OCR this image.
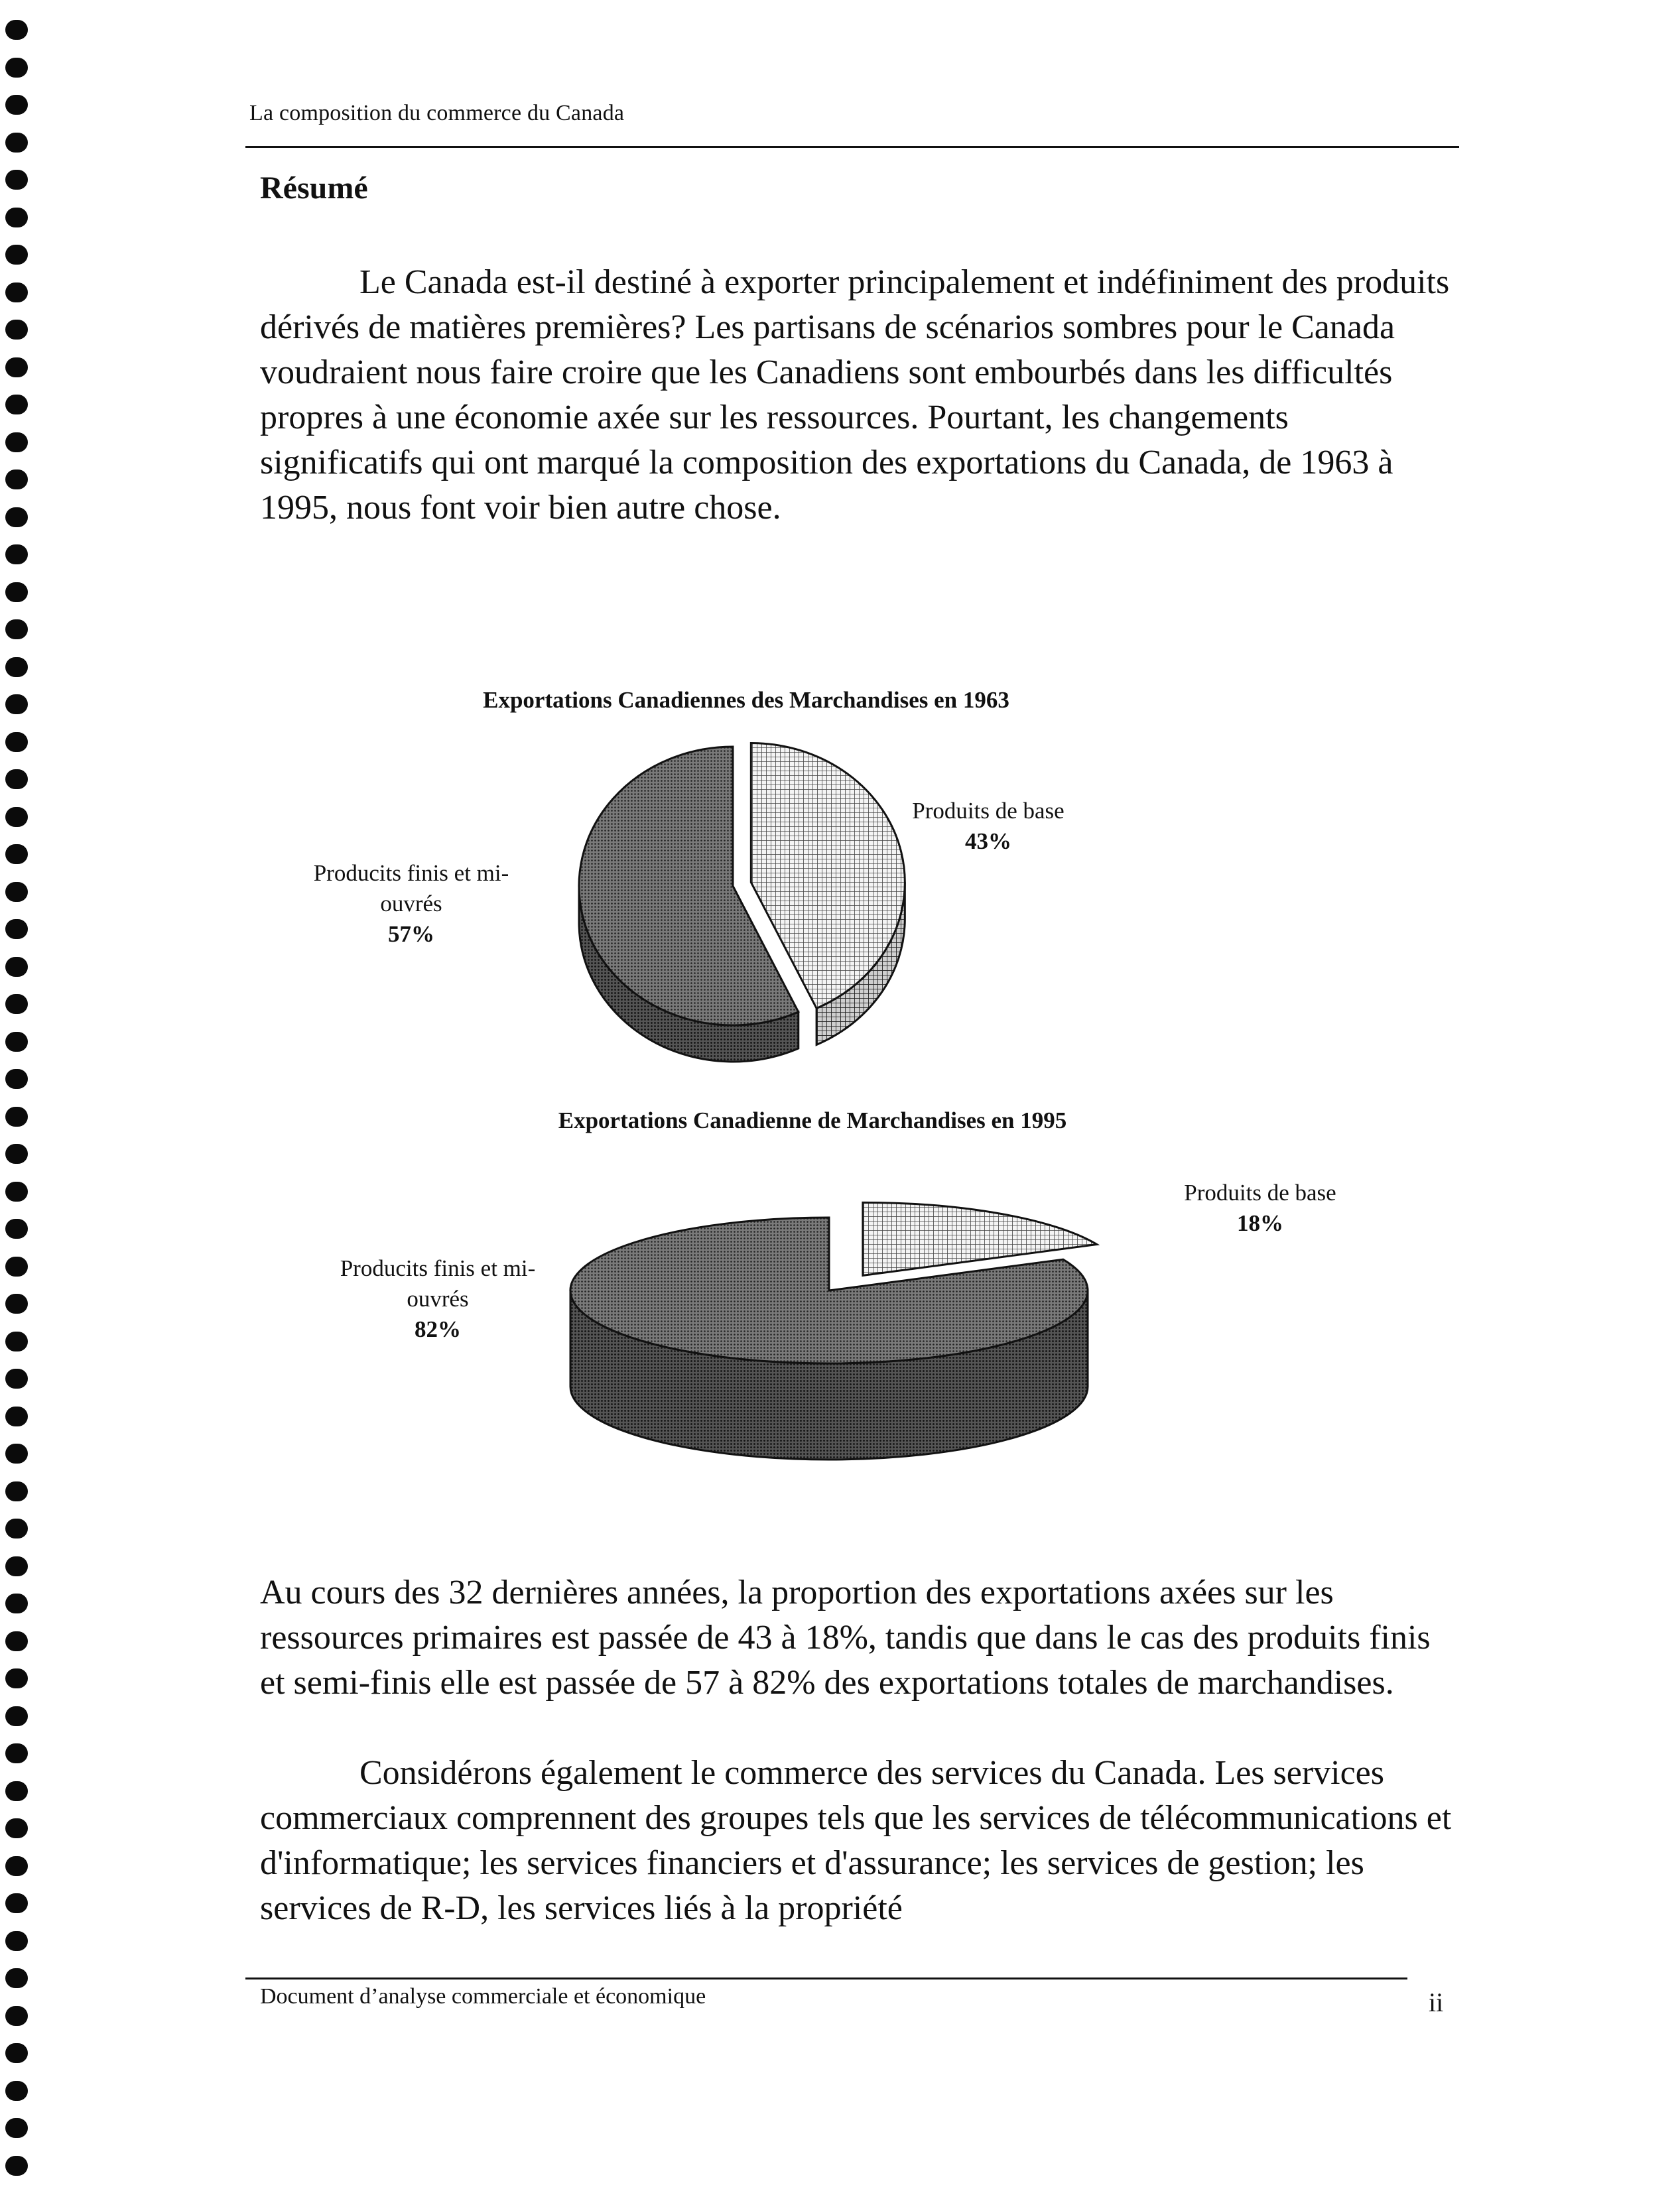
La composition du commerce du Canada
Résumé
Le Canada est-il destiné à exporter principalement et indéfiniment des produits dérivés de matières premières? Les partisans de scénarios sombres pour le Canada voudraient nous faire croire que les Canadiens sont embourbés dans les difficultés propres à une économie axée sur les ressources. Pourtant, les changements significatifs qui ont marqué la composition des exportations du Canada, de 1963 à 1995, nous font voir bien autre chose.
Exportations Canadiennes des Marchandises en 1963
Produits de base
43%
Producits finis et mi-ouvrés
57%
Exportations Canadienne de Marchandises en 1995
Produits de base
18%
Producits finis et mi-ouvrés
82%
Au cours des 32 dernières années, la proportion des exportations axées sur les ressources primaires est passée de 43 à 18%, tandis que dans le cas des produits finis et semi-finis elle est passée de 57 à 82% des exportations totales de marchandises.
Considérons également le commerce des services du Canada. Les services commerciaux comprennent des groupes tels que les services de télécommunications et d'informatique; les services financiers et d'assurance; les services de gestion; les services de R-D, les services liés à la propriété
Document d’analyse commerciale et économique	ii
